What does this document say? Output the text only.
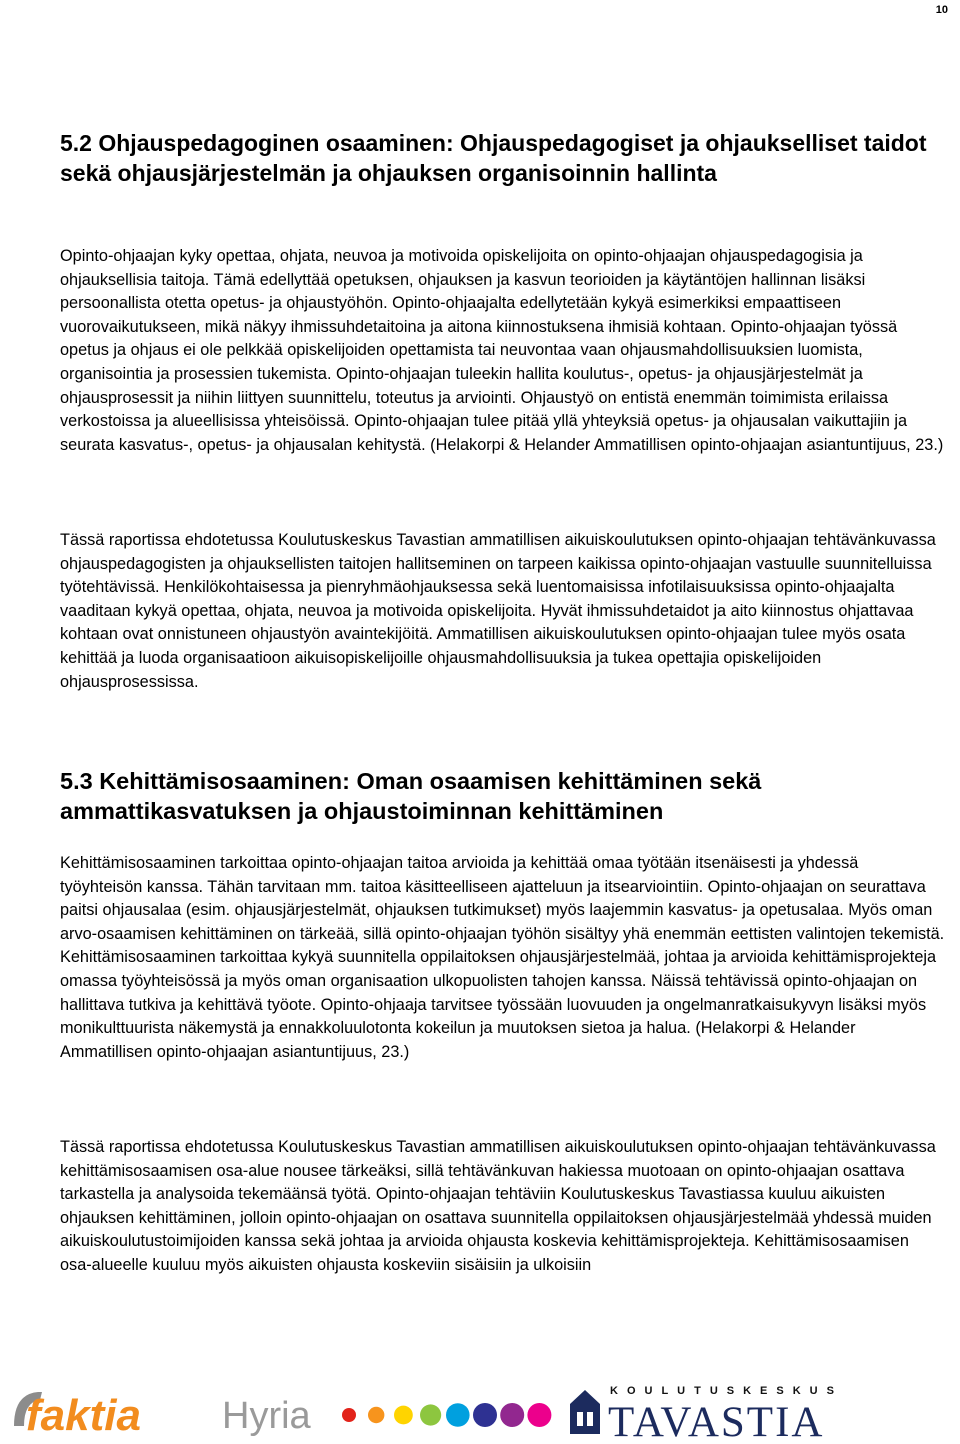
10
5.2 Ohjauspedagoginen osaaminen: Ohjauspedagogiset ja ohjaukselliset taidot sekä ohjausjärjestelmän ja ohjauksen organisoinnin hallinta

Opinto-ohjaajan kyky opettaa, ohjata, neuvoa ja motivoida opiskelijoita on opinto-ohjaajan ohjauspedagogisia ja ohjauksellisia taitoja. Tämä edellyttää opetuksen, ohjauksen ja kasvun teorioiden ja käytäntöjen hallinnan lisäksi persoonallista otetta opetus- ja ohjaustyöhön. Opinto-ohjaajalta edellytetään kykyä esimerkiksi empaattiseen vuorovaikutukseen, mikä näkyy ihmissuhdetaitoina ja aitona kiinnostuksena ihmisiä kohtaan. Opinto-ohjaajan työssä opetus ja ohjaus ei ole pelkkää opiskelijoiden opettamista tai neuvontaa vaan ohjausmahdollisuuksien luomista, organisointia ja prosessien tukemista. Opinto-ohjaajan tuleekin hallita koulutus-, opetus- ja ohjausjärjestelmät ja ohjausprosessit ja niihin liittyen suunnittelu, toteutus ja arviointi. Ohjaustyö on entistä enemmän toimimista erilaissa verkostoissa ja alueellisissa yhteisöissä. Opinto-ohjaajan tulee pitää yllä yhteyksiä opetus- ja ohjausalan vaikuttajiin ja seurata kasvatus-, opetus- ja ohjausalan kehitystä. (Helakorpi & Helander Ammatillisen opinto-ohjaajan asiantuntijuus, 23.)

Tässä raportissa ehdotetussa Koulutuskeskus Tavastian ammatillisen aikuiskoulutuksen opinto-ohjaajan tehtävänkuvassa ohjauspedagogisten ja ohjauksellisten taitojen hallitseminen on tarpeen kaikissa opinto-ohjaajan vastuulle suunnitelluissa työtehtävissä. Henkilökohtaisessa ja pienryhmäohjauksessa sekä luentomaisissa infotilaisuuksissa opinto-ohjaajalta vaaditaan kykyä opettaa, ohjata, neuvoa ja motivoida opiskelijoita. Hyvät ihmissuhdetaidot ja aito kiinnostus ohjattavaa kohtaan ovat onnistuneen ohjaustyön avaintekijöitä. Ammatillisen aikuiskoulutuksen opinto-ohjaajan tulee myös osata kehittää ja luoda organisaatioon aikuisopiskelijoille ohjausmahdollisuuksia ja tukea opettajia opiskelijoiden ohjausprosessissa.

5.3 Kehittämisosaaminen: Oman osaamisen kehittäminen sekä ammattikasvatuksen ja ohjaustoiminnan kehittäminen

Kehittämisosaaminen tarkoittaa opinto-ohjaajan taitoa arvioida ja kehittää omaa työtään itsenäisesti ja yhdessä työyhteisön kanssa. Tähän tarvitaan mm. taitoa käsitteelliseen ajatteluun ja itsearviointiin. Opinto-ohjaajan on seurattava paitsi ohjausalaa (esim. ohjausjärjestelmät, ohjauksen tutkimukset) myös laajemmin kasvatus- ja opetusalaa. Myös oman arvo-osaamisen kehittäminen on tärkeää, sillä opinto-ohjaajan työhön sisältyy yhä enemmän eettisten valintojen tekemistä. Kehittämisosaaminen tarkoittaa kykyä suunnitella oppilaitoksen ohjausjärjestelmää, johtaa ja arvioida kehittämisprojekteja omassa työyhteisössä ja myös oman organisaation ulkopuolisten tahojen kanssa. Näissä tehtävissä opinto-ohjaajan on hallittava tutkiva ja kehittävä työote. Opinto-ohjaaja tarvitsee työssään luovuuden ja ongelmanratkaisukyvyn lisäksi myös monikulttuurista näkemystä ja ennakkoluulotonta kokeilun ja muutoksen sietoa ja halua. (Helakorpi & Helander Ammatillisen opinto-ohjaajan asiantuntijuus, 23.)

Tässä raportissa ehdotetussa Koulutuskeskus Tavastian ammatillisen aikuiskoulutuksen opinto-ohjaajan tehtävänkuvassa kehittämisosaamisen osa-alue nousee tärkeäksi, sillä tehtävänkuvan hakiessa muotoaan on opinto-ohjaajan osattava tarkastella ja analysoida tekemäänsä työtä. Opinto-ohjaajan tehtäviin Koulutuskeskus Tavastiassa kuuluu aikuisten ohjauksen kehittäminen, jolloin opinto-ohjaajan on osattava suunnitella oppilaitoksen ohjausjärjestelmää yhdessä muiden aikuiskoulutustoimijoiden kanssa sekä johtaa ja arvioida ohjausta koskevia kehittämisprojekteja. Kehittämisosaamisen osa-alueelle kuuluu myös aikuisten ohjausta koskeviin sisäisiin ja ulkoisiin

faktia Hyria
KOULUTUSKESKUS
TAVASTIA
